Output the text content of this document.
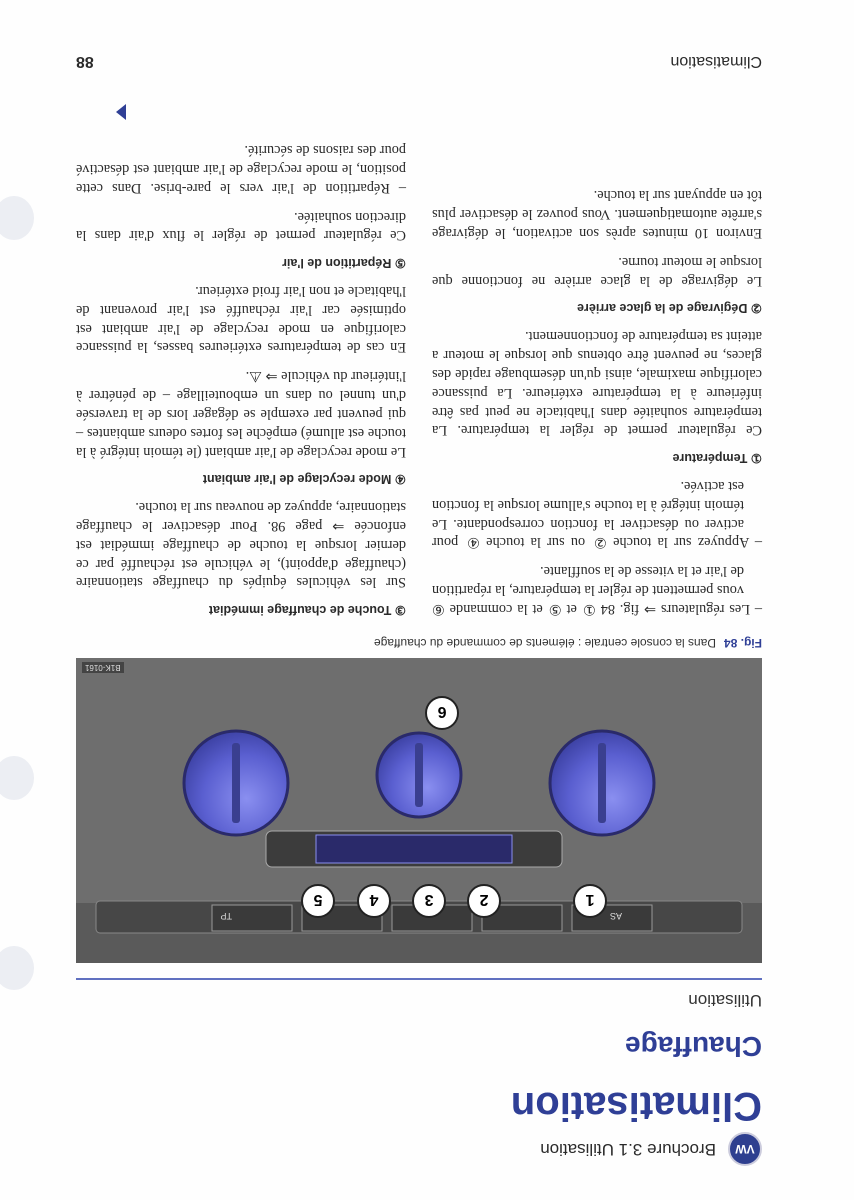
VW
Brochure 3.1 Utilisation
Climatisation
Chauffage
Utilisation
TP	AS
1
2
3
4
5
6
B1K-0161
Fig. 84Dans la console centrale : éléments de commande du chauffage

– Les régulateurs ⇒ fig. 84 ① et ⑤ et la commande ⑥ vous permettent de régler la température, la répartition de l'air et la vitesse de la soufflante.

– Appuyez sur la touche ② ou sur la touche ④ pour activer ou désactiver la fonction correspondante. Le témoin intégré à la touche s'allume lorsque la fonction est activée.

① Température

Ce régulateur permet de régler la température. La température souhaitée dans l'habitacle ne peut pas être inférieure à la température extérieure. La puissance calorifique maximale, ainsi qu'un désembuage rapide des glaces, ne peuvent être obtenus que lorsque le moteur a atteint sa température de fonctionnement.

② Dégivrage de la glace arrière

Le dégivrage de la glace arrière ne fonctionne que lorsque le moteur tourne.

Environ 10 minutes après son activation, le dégivrage s'arrête automatiquement. Vous pouvez le désactiver plus tôt en appuyant sur la touche.

③ Touche de chauffage immédiat

Sur les véhicules équipés du chauffage stationnaire (chauffage d'appoint), le véhicule est réchauffé par ce dernier lorsque la touche de chauffage immédiat est enfoncée ⇒ page 98. Pour désactiver le chauffage stationnaire, appuyez de nouveau sur la touche.

④ Mode recyclage de l'air ambiant

Le mode recyclage de l'air ambiant (le témoin intégré à la touche est allumé) empêche les fortes odeurs ambiantes – qui peuvent par exemple se dégager lors de la traversée d'un tunnel ou dans un embouteillage – de pénétrer à l'intérieur du véhicule ⇒ ⚠.

En cas de températures extérieures basses, la puissance calorifique en mode recyclage de l'air ambiant est optimisée car l'air réchauffé est l'air provenant de l'habitacle et non l'air froid extérieur.

⑤ Répartition de l'air

Ce régulateur permet de régler le flux d'air dans la direction souhaitée.

– Répartition de l'air vers le pare-brise. Dans cette position, le mode recyclage de l'air ambiant est désactivé pour des raisons de sécurité.

Climatisation
88
